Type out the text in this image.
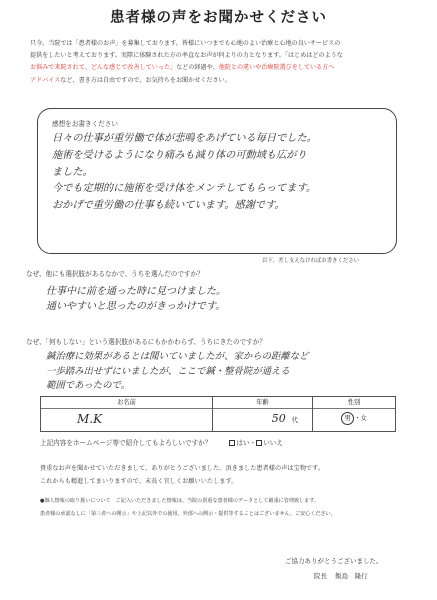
患者様の声をお聞かせください
只今、当院では「患者様のお声」を募集しております。皆様にいつまでも心地のよい治療と心地の良いサービスの
提供をしたいと考えております。実際に体験された方の率直なお声が何よりの力となります。「はじめはどのような
お悩みで来院されて、どんな感じで改善していった」などの経過や、他院との違いや治療院選びをしている方へ
アドバイスなど、書き方は自由ですので、お気持ちをお聞かせください。
感想をお書きください
日々の仕事が重労働で体が悲鳴をあげている毎日でした。
施術を受けるようになり痛みも減り体の可動域も広がり
ました。
今でも定期的に施術を受け体をメンテしてもらってます。
おかげで重労働の仕事も続いています。感謝です。
以下、差し支えなければお書きください
なぜ、他にも選択肢があるなかで、うちを選んだのですか？
仕事中に前を通った時に見つけました。
通いやすいと思ったのがきっかけです。
なぜ、「何もしない」という選択肢があるにもかかわらず、うちにきたのですか？
鍼治療に効果があるとは聞いていましたが、家からの距離など
一歩踏み出せずにいましたが、ここで鍼・整骨院が通える
範囲であったので。
お名前
M.K
年齢
50 代
性別
男 ・女
上記内容をホームページ等で紹介してもよろしいですか？	はい・ いいえ
貴重なお声を聞かせていただきまして、ありがとうございました。頂きました患者様の声は宝物です。
これからも精進してまいりますので、末長く宜しくお願いいたします。
●個人情報の取り扱いについて　ご記入いただきました情報は、当院の貴重な患者様のデータとして厳重に管理致します。
患者様の承認なしに「第三者への開示」や上記以外での使用、外部への開示・提供等することはございません。ご安心ください。
ご協力ありがとうございました。
院長 飯島　隆行
